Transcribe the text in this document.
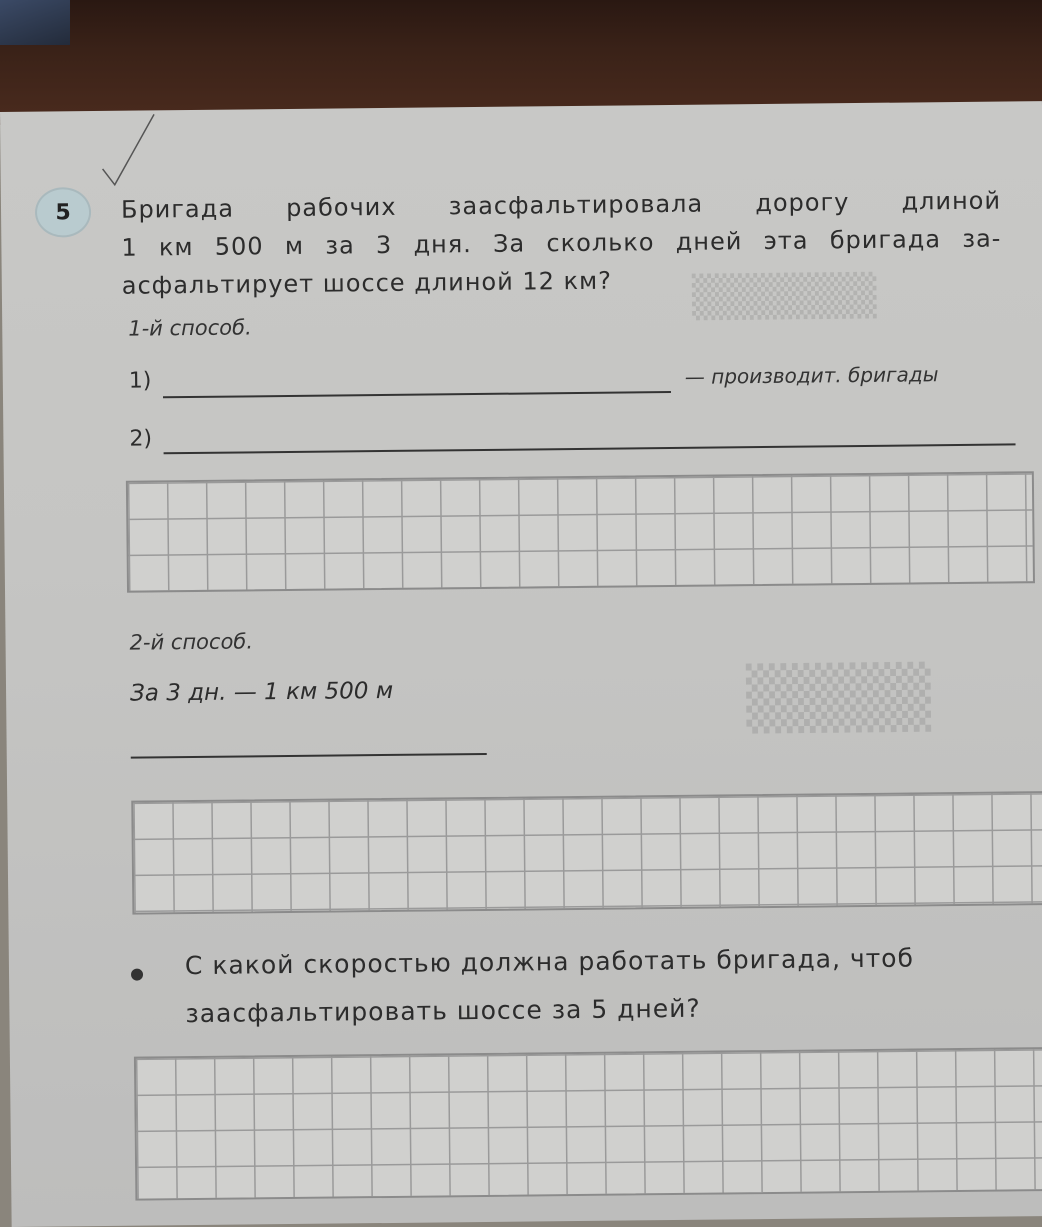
▒▒▒▒▒▒
▒▒▒▒
5	Бригада рабочих заасфальтировала дорогу длиной
1 км 500 м за 3 дня. За сколько дней эта бригада за-
асфальтирует шоссе длиной 12 км?
1-й способ.
1)	— производит. бригады
2)
2-й способ.
За 3 дн. — 1 км 500 м
С какой скоростью должна работать бригада, чтоб
заасфальтировать шоссе за 5 дней?
